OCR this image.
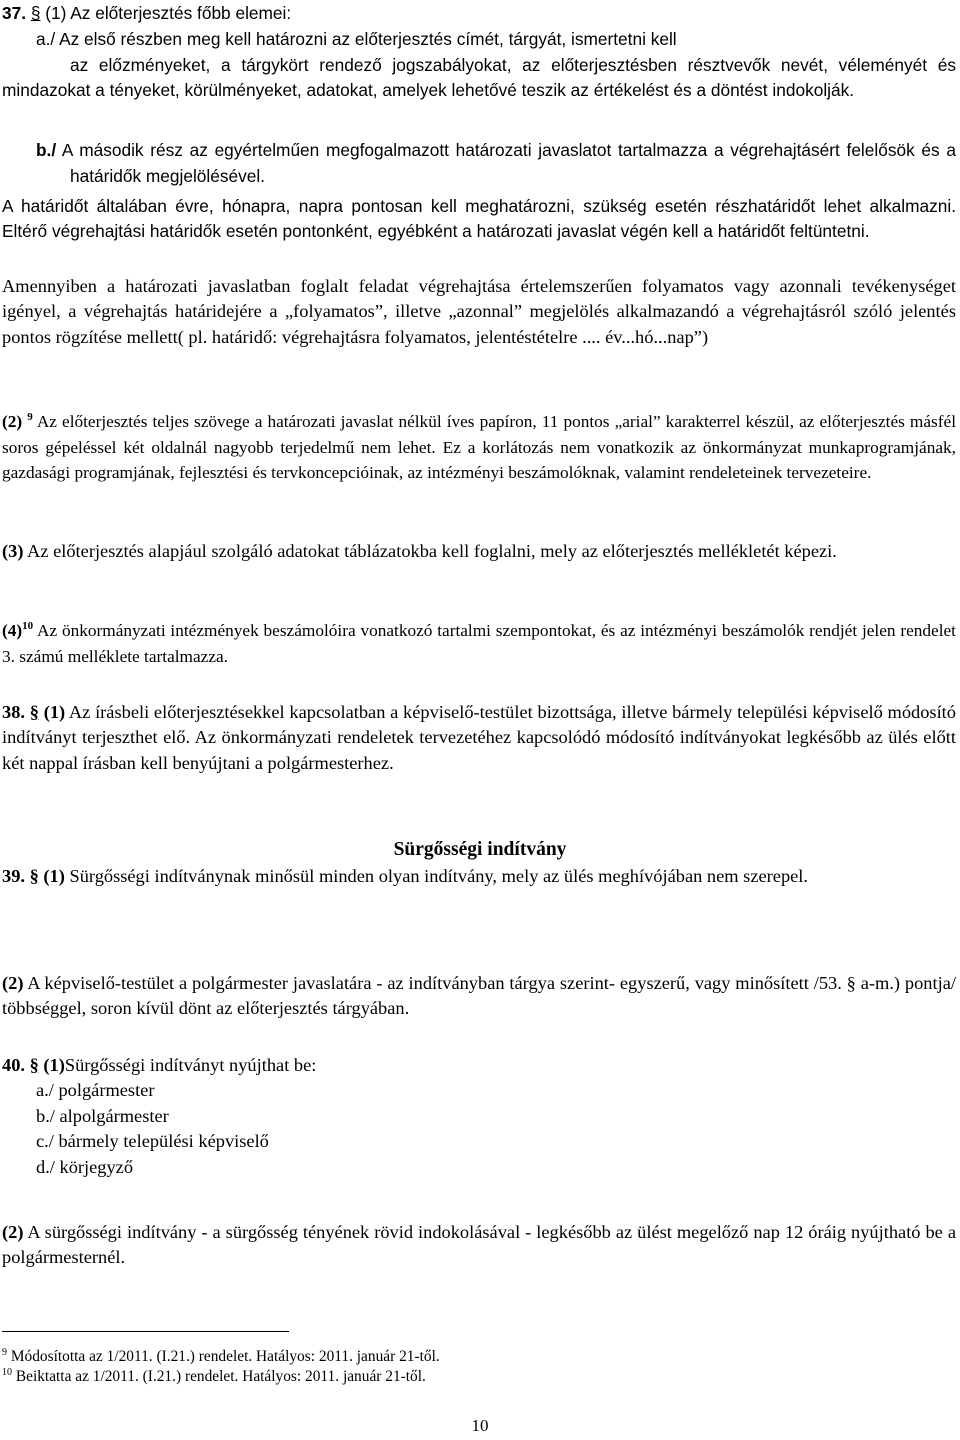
37. § (1) Az előterjesztés főbb elemei:
a./ Az első részben meg kell határozni az előterjesztés címét, tárgyát, ismertetni kell
az előzményeket, a tárgykört rendező jogszabályokat, az előterjesztésben résztvevők nevét, véleményét és mindazokat a tényeket, körülményeket, adatokat, amelyek lehetővé teszik az értékelést és a döntést indokolják.
b./ A második rész az egyértelműen megfogalmazott határozati javaslatot tartalmazza a végrehajtásért felelősök és a határidők megjelölésével.
A határidőt általában évre, hónapra, napra pontosan kell meghatározni, szükség esetén részhatáridőt lehet alkalmazni. Eltérő végrehajtási határidők esetén pontonként, egyébként a határozati javaslat végén kell a határidőt feltüntetni.
Amennyiben a határozati javaslatban foglalt feladat végrehajtása értelemszerűen folyamatos vagy azonnali tevékenységet igényel, a végrehajtás határidejére a „folyamatos”, illetve „azonnal” megjelölés alkalmazandó a végrehajtásról szóló jelentés pontos rögzítése mellett( pl. határidő: végrehajtásra folyamatos, jelentéstételre .... év...hó...nap”)
(2) $^9$ Az előterjesztés teljes szövege a határozati javaslat nélkül íves papíron, 11 pontos „arial” karakterrel készül, az előterjesztés másfél soros gépeléssel két oldalnál nagyobb terjedelmű nem lehet. Ez a korlátozás nem vonatkozik az önkormányzat munkaprogramjának, gazdasági programjának, fejlesztési és tervkoncepcióinak, az intézményi beszámolóknak, valamint rendeleteinek tervezeteire.
(3) Az előterjesztés alapjául szolgáló adatokat táblázatokba kell foglalni, mely az előterjesztés mellékletét képezi.
(4)$^{10}$ Az önkormányzati intézmények beszámolóira vonatkozó tartalmi szempontokat, és az intézményi beszámolók rendjét jelen rendelet 3. számú melléklete tartalmazza.
38. § (1) Az írásbeli előterjesztésekkel kapcsolatban a képviselő-testület bizottsága, illetve bármely települési képviselő módosító indítványt terjeszthet elő. Az önkormányzati rendeletek tervezetéhez kapcsolódó módosító indítványokat legkésőbb az ülés előtt két nappal írásban kell benyújtani a polgármesterhez.
Sürgősségi indítvány
39. § (1) Sürgősségi indítványnak minősül minden olyan indítvány, mely az ülés meghívójában nem szerepel.
(2) A képviselő-testület a polgármester javaslatára - az indítványban tárgya szerint- egyszerű, vagy minősített /53. § a-m.) pontja/ többséggel, soron kívül dönt az előterjesztés tárgyában.
40. § (1)Sürgősségi indítványt nyújthat be:
a./ polgármester
b./ alpolgármester
c./ bármely települési képviselő
d./ körjegyző
(2) A sürgősségi indítvány - a sürgősség tényének rövid indokolásával - legkésőbb az ülést megelőző nap 12 óráig nyújtható be a polgármesternél.
$^9$ Módosította az 1/2011. (I.21.) rendelet. Hatályos: 2011. január 21-től.
$^{10}$ Beiktatta az 1/2011. (I.21.) rendelet. Hatályos: 2011. január 21-től.
10
